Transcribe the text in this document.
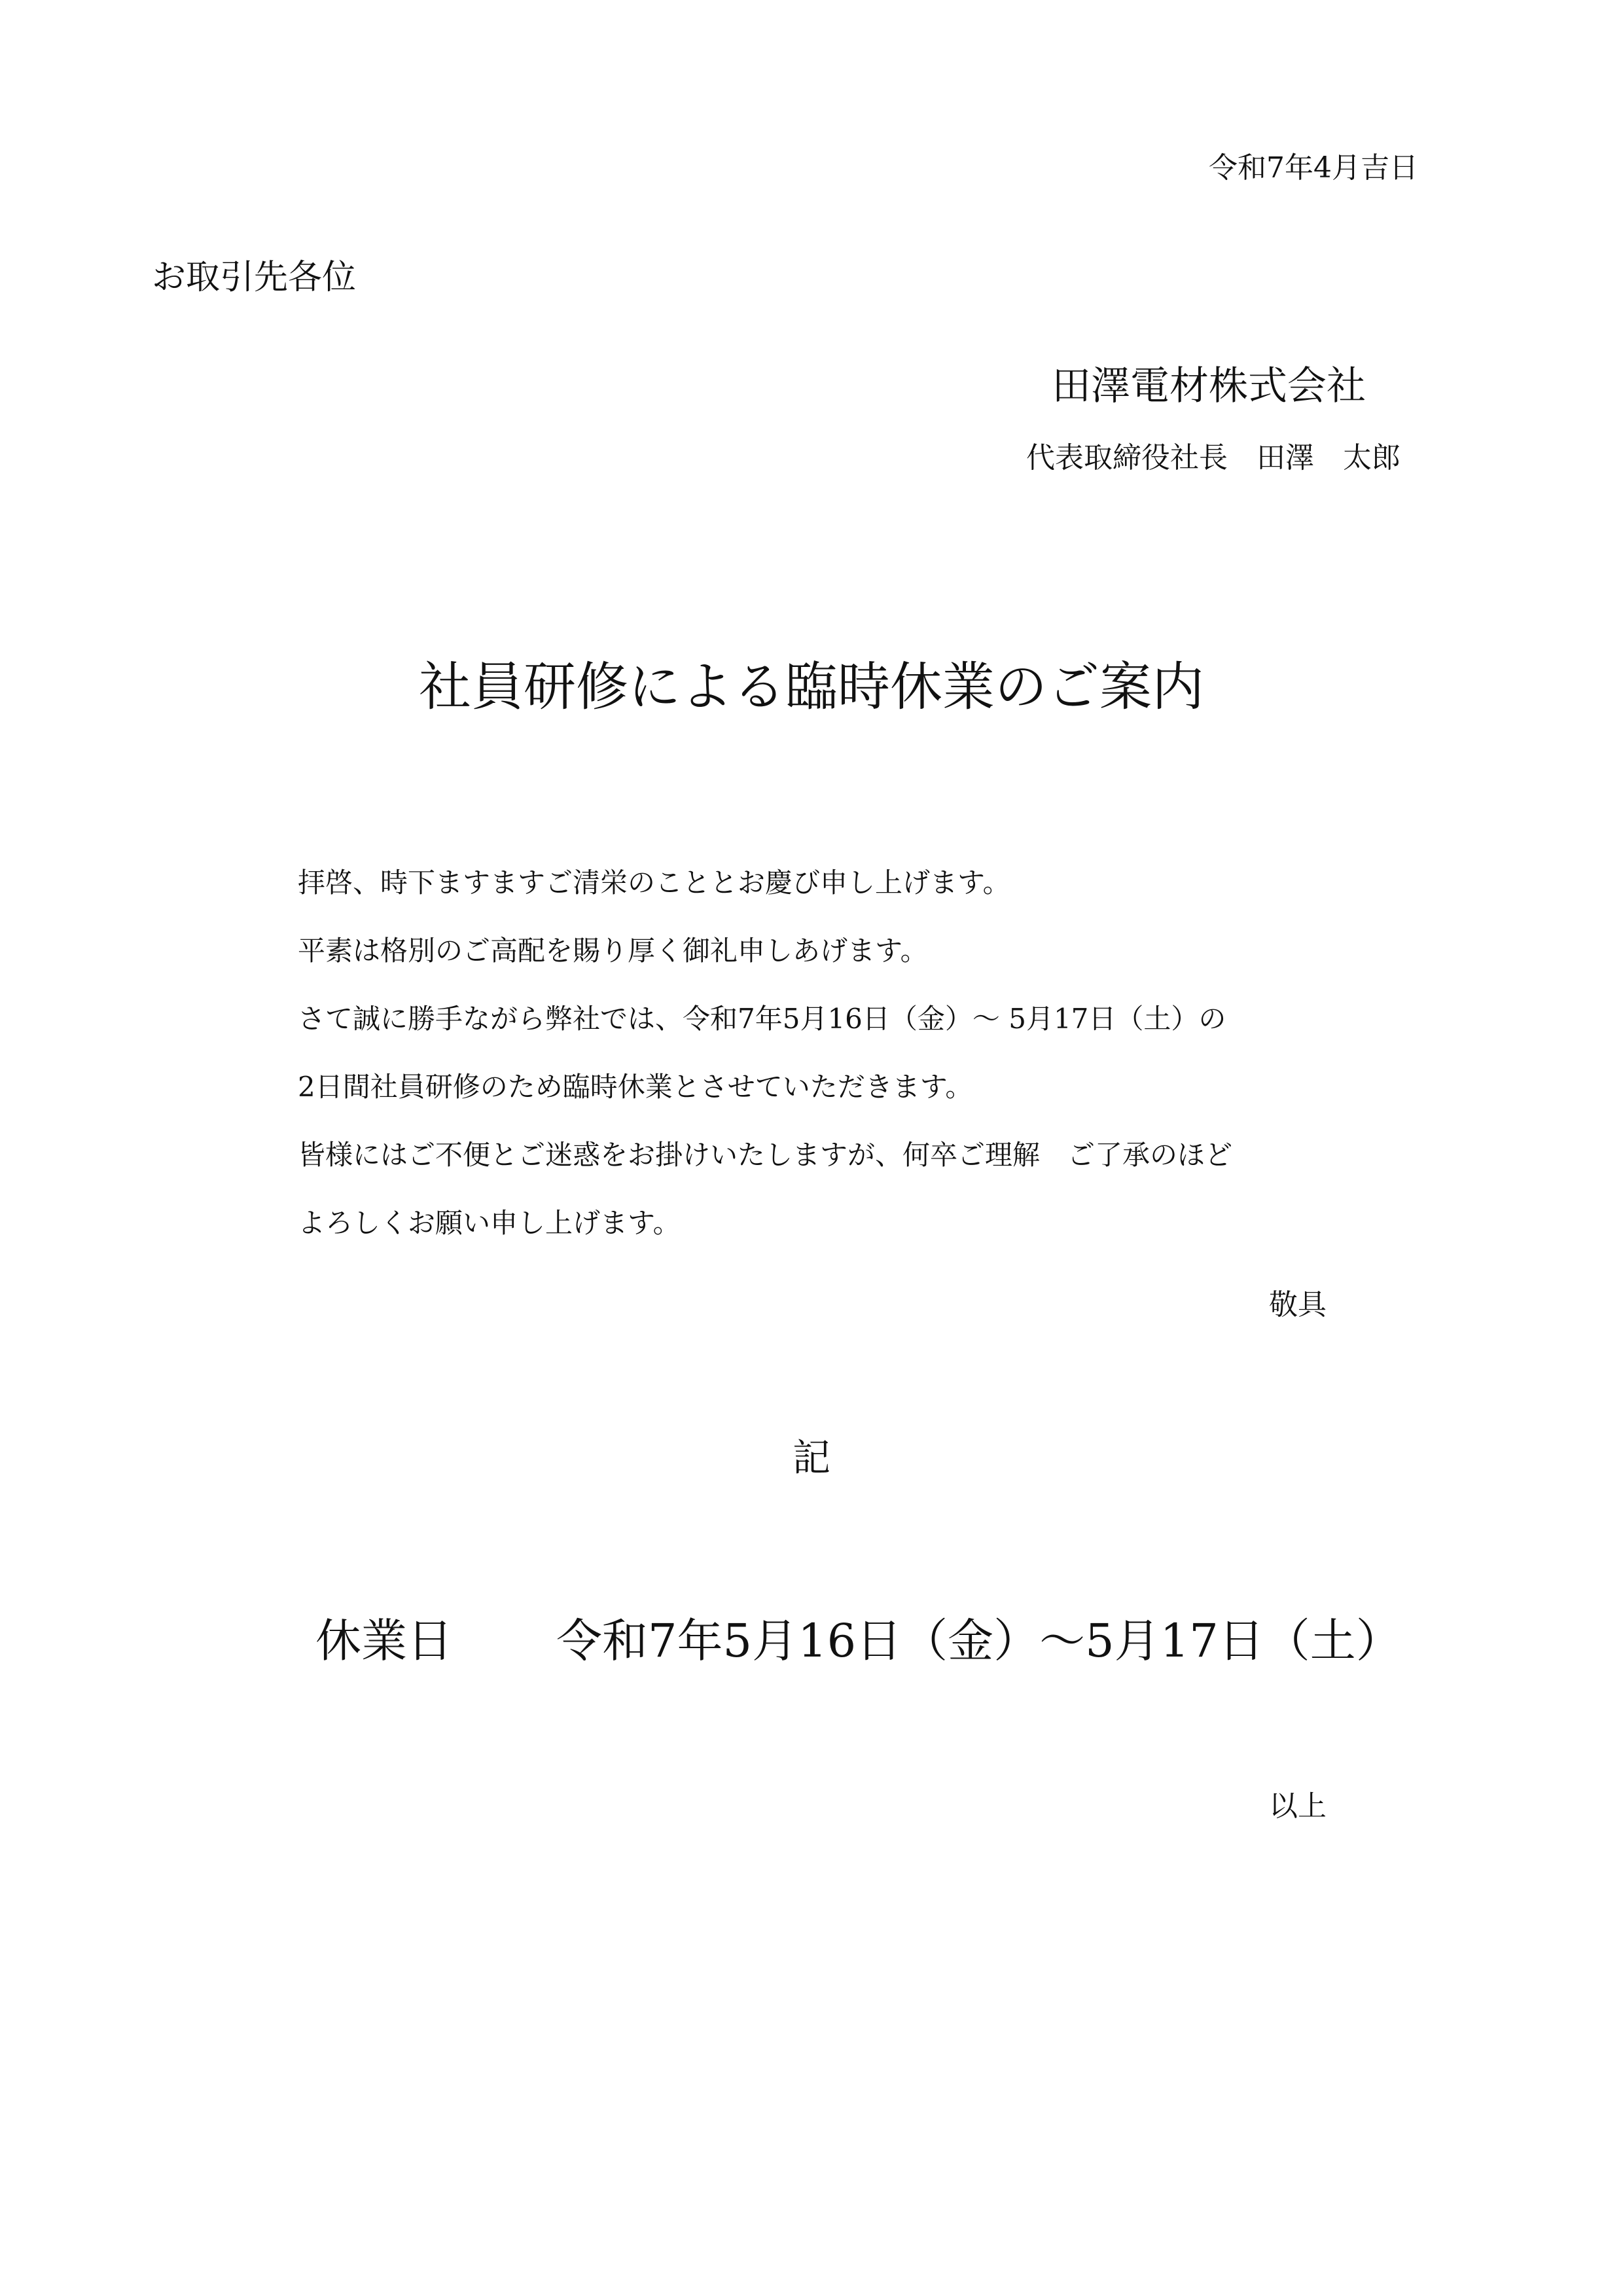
令和7年4月吉日
お取引先各位
田澤電材株式会社
代表取締役社長　田澤　太郎
社員研修による臨時休業のご案内
拝啓、時下ますますご清栄のこととお慶び申し上げます。
平素は格別のご高配を賜り厚く御礼申しあげます。
さて誠に勝手ながら弊社では、令和7年5月16日（金）～ 5月17日（土）の
2日間社員研修のため臨時休業とさせていただきます。
皆様にはご不便とご迷惑をお掛けいたしますが、何卒ご理解　ご了承のほど
よろしくお願い申し上げます。
敬具
記
休業日 令和7年5月16日（金）～5月17日（土）
以上
